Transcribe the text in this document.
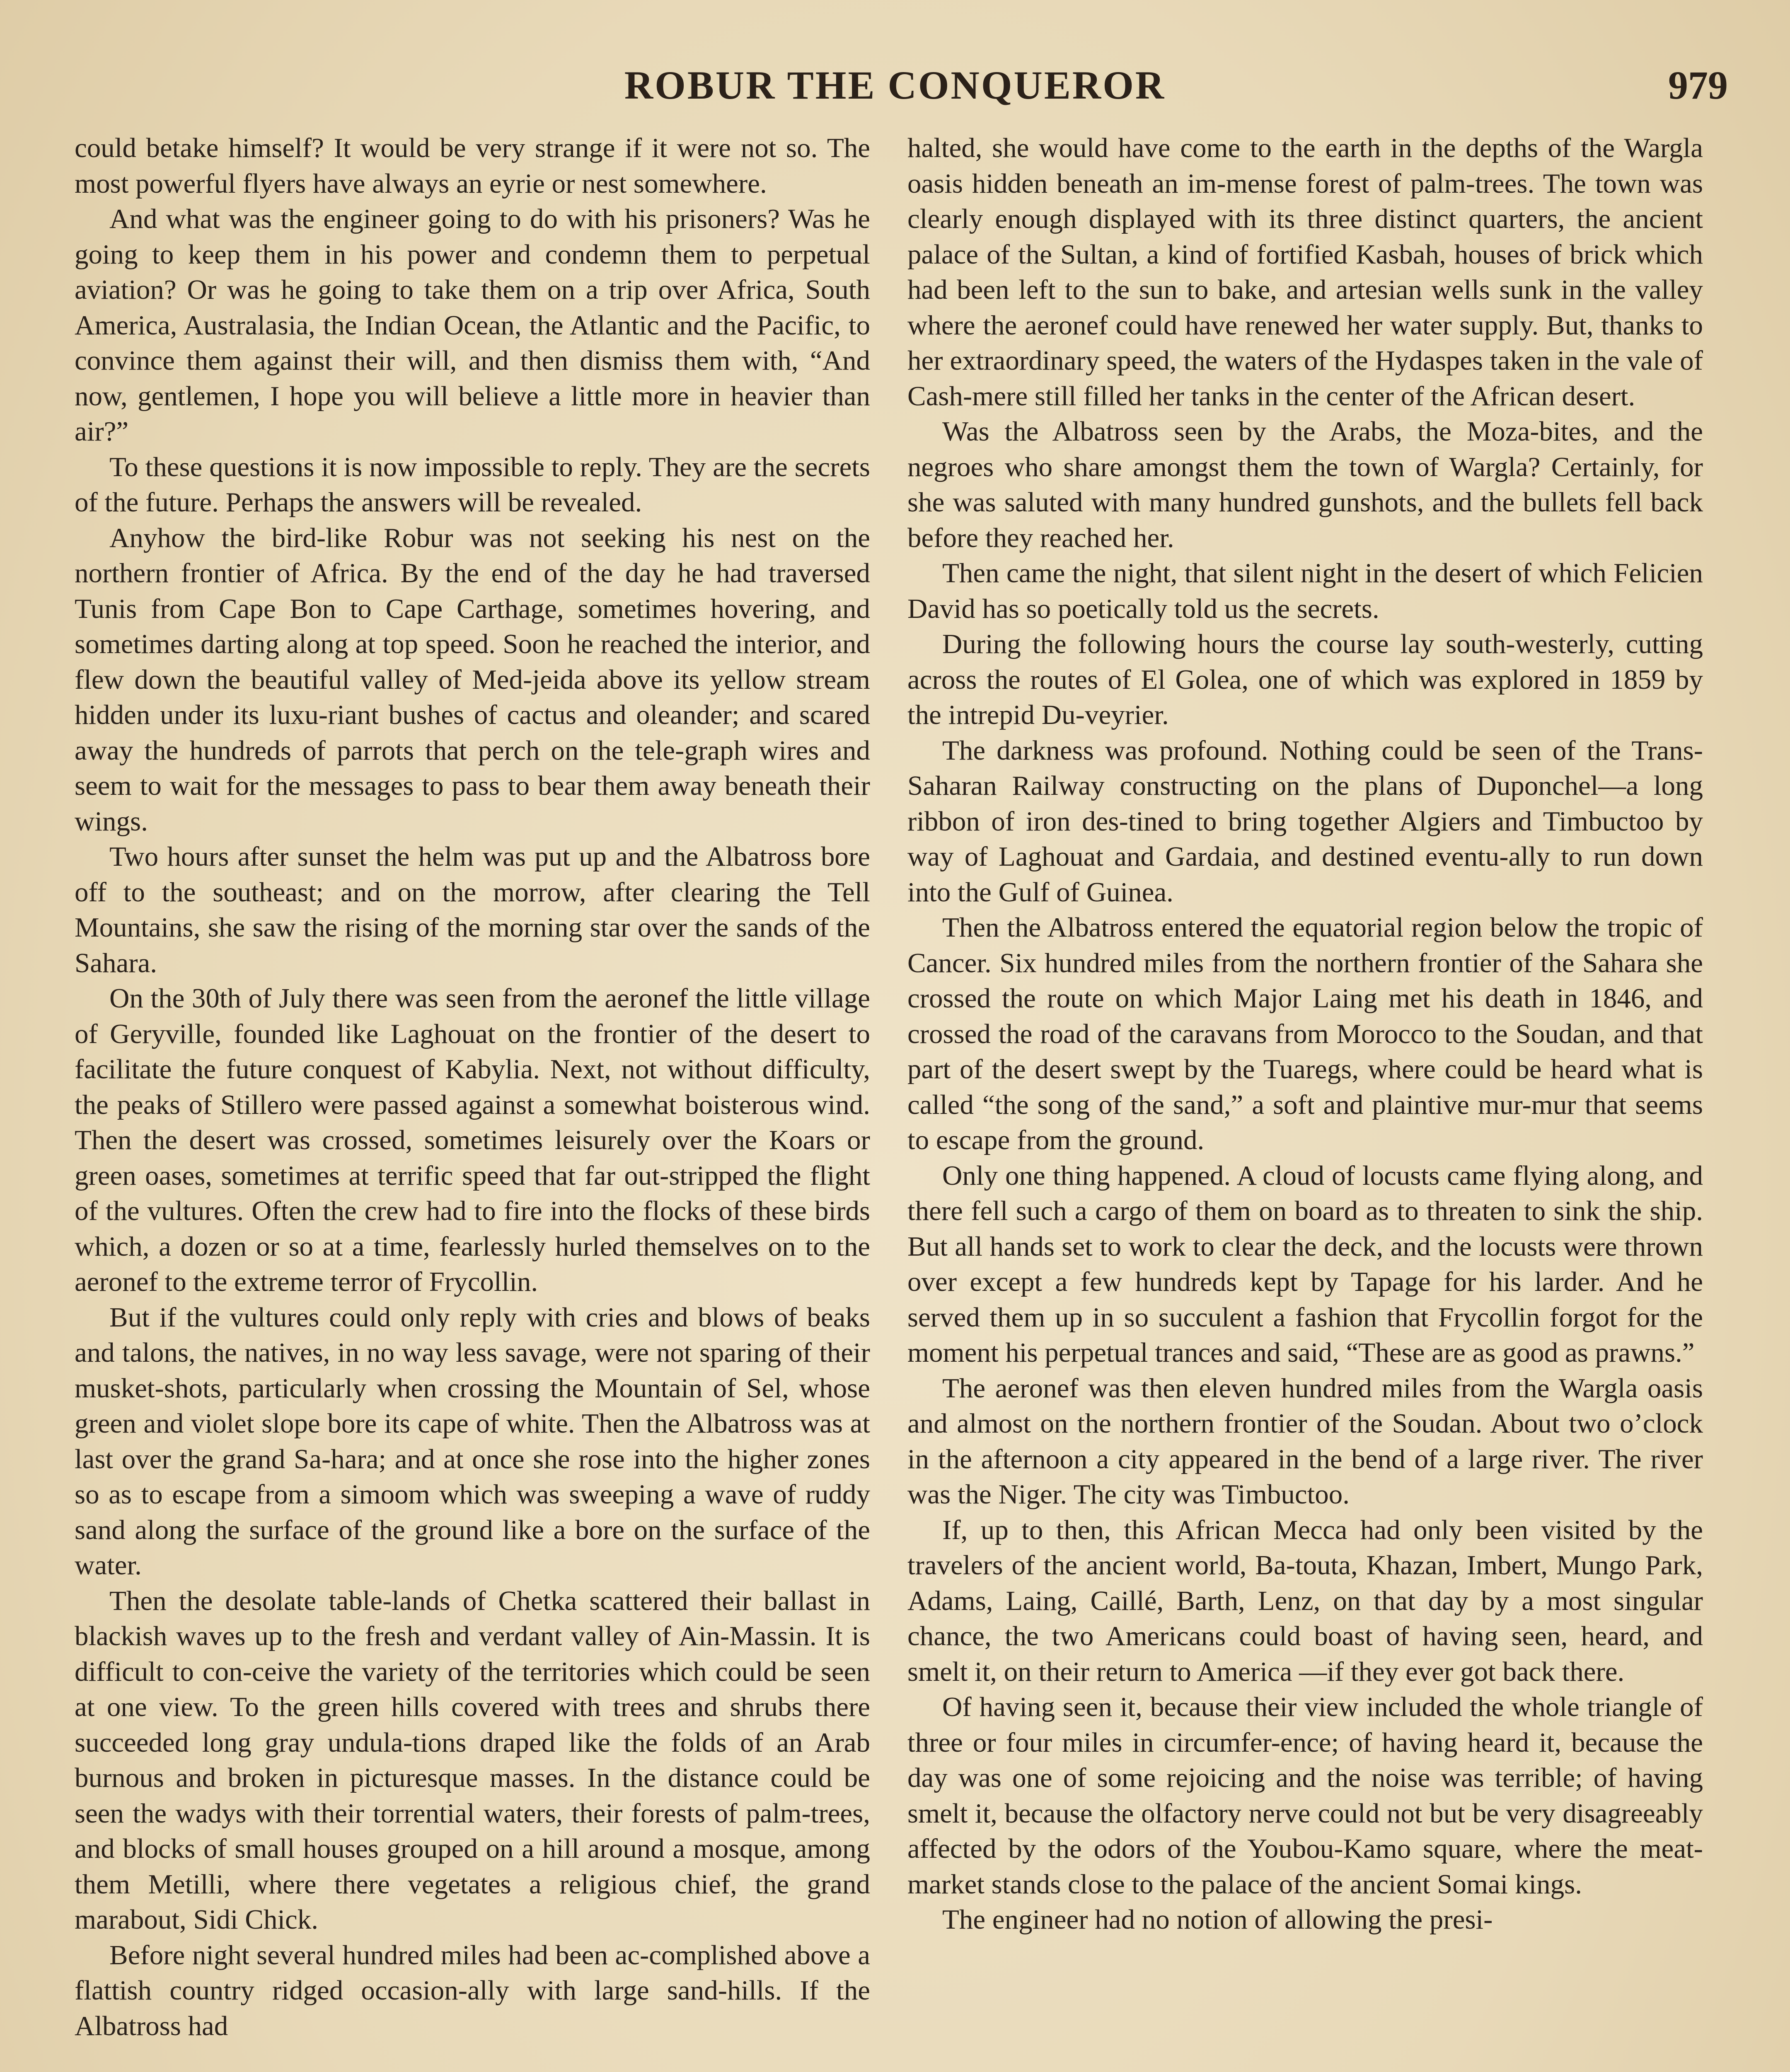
ROBUR THE CONQUEROR	979

could betake himself? It would be very strange if it were not so. The most powerful flyers have always an eyrie or nest somewhere.

And what was the engineer going to do with his prisoners? Was he going to keep them in his power and condemn them to perpetual aviation? Or was he going to take them on a trip over Africa, South America, Australasia, the Indian Ocean, the Atlantic and the Pacific, to convince them against their will, and then dismiss them with, “And now, gentlemen, I hope you will believe a little more in heavier than air?”

To these questions it is now impossible to reply. They are the secrets of the future. Perhaps the answers will be revealed.

Anyhow the bird-like Robur was not seeking his nest on the northern frontier of Africa. By the end of the day he had traversed Tunis from Cape Bon to Cape Carthage, sometimes hovering, and sometimes darting along at top speed. Soon he reached the interior, and flew down the beautiful valley of Med-jeida above its yellow stream hidden under its luxu-riant bushes of cactus and oleander; and scared away the hundreds of parrots that perch on the tele-graph wires and seem to wait for the messages to pass to bear them away beneath their wings.

Two hours after sunset the helm was put up and the Albatross bore off to the southeast; and on the morrow, after clearing the Tell Mountains, she saw the rising of the morning star over the sands of the Sahara.

On the 30th of July there was seen from the aeronef the little village of Geryville, founded like Laghouat on the frontier of the desert to facilitate the future conquest of Kabylia. Next, not without difficulty, the peaks of Stillero were passed against a somewhat boisterous wind. Then the desert was crossed, sometimes leisurely over the Koars or green oases, sometimes at terrific speed that far out-stripped the flight of the vultures. Often the crew had to fire into the flocks of these birds which, a dozen or so at a time, fearlessly hurled themselves on to the aeronef to the extreme terror of Frycollin.

But if the vultures could only reply with cries and blows of beaks and talons, the natives, in no way less savage, were not sparing of their musket-shots, particularly when crossing the Mountain of Sel, whose green and violet slope bore its cape of white. Then the Albatross was at last over the grand Sa-hara; and at once she rose into the higher zones so as to escape from a simoom which was sweeping a wave of ruddy sand along the surface of the ground like a bore on the surface of the water.

Then the desolate table-lands of Chetka scattered their ballast in blackish waves up to the fresh and verdant valley of Ain-Massin. It is difficult to con-ceive the variety of the territories which could be seen at one view. To the green hills covered with trees and shrubs there succeeded long gray undula-tions draped like the folds of an Arab burnous and broken in picturesque masses. In the distance could be seen the wadys with their torrential waters, their forests of palm-trees, and blocks of small houses grouped on a hill around a mosque, among them Metilli, where there vegetates a religious chief, the grand marabout, Sidi Chick.

Before night several hundred miles had been ac-complished above a flattish country ridged occasion-ally with large sand-hills. If the Albatross had

halted, she would have come to the earth in the depths of the Wargla oasis hidden beneath an im-mense forest of palm-trees. The town was clearly enough displayed with its three distinct quarters, the ancient palace of the Sultan, a kind of fortified Kasbah, houses of brick which had been left to the sun to bake, and artesian wells sunk in the valley where the aeronef could have renewed her water supply. But, thanks to her extraordinary speed, the waters of the Hydaspes taken in the vale of Cash-mere still filled her tanks in the center of the African desert.

Was the Albatross seen by the Arabs, the Moza-bites, and the negroes who share amongst them the town of Wargla? Certainly, for she was saluted with many hundred gunshots, and the bullets fell back before they reached her.

Then came the night, that silent night in the desert of which Felicien David has so poetically told us the secrets.

During the following hours the course lay south-westerly, cutting across the routes of El Golea, one of which was explored in 1859 by the intrepid Du-veyrier.

The darkness was profound. Nothing could be seen of the Trans-Saharan Railway constructing on the plans of Duponchel—a long ribbon of iron des-tined to bring together Algiers and Timbuctoo by way of Laghouat and Gardaia, and destined eventu-ally to run down into the Gulf of Guinea.

Then the Albatross entered the equatorial region below the tropic of Cancer. Six hundred miles from the northern frontier of the Sahara she crossed the route on which Major Laing met his death in 1846, and crossed the road of the caravans from Morocco to the Soudan, and that part of the desert swept by the Tuaregs, where could be heard what is called “the song of the sand,” a soft and plaintive mur-mur that seems to escape from the ground.

Only one thing happened. A cloud of locusts came flying along, and there fell such a cargo of them on board as to threaten to sink the ship. But all hands set to work to clear the deck, and the locusts were thrown over except a few hundreds kept by Tapage for his larder. And he served them up in so succulent a fashion that Frycollin forgot for the moment his perpetual trances and said, “These are as good as prawns.”

The aeronef was then eleven hundred miles from the Wargla oasis and almost on the northern frontier of the Soudan. About two o’clock in the afternoon a city appeared in the bend of a large river. The river was the Niger. The city was Timbuctoo.

If, up to then, this African Mecca had only been visited by the travelers of the ancient world, Ba-touta, Khazan, Imbert, Mungo Park, Adams, Laing, Caillé, Barth, Lenz, on that day by a most singular chance, the two Americans could boast of having seen, heard, and smelt it, on their return to America —if they ever got back there.

Of having seen it, because their view included the whole triangle of three or four miles in circumfer-ence; of having heard it, because the day was one of some rejoicing and the noise was terrible; of having smelt it, because the olfactory nerve could not but be very disagreeably affected by the odors of the Youbou-Kamo square, where the meat-market stands close to the palace of the ancient Somai kings.

The engineer had no notion of allowing the presi-
